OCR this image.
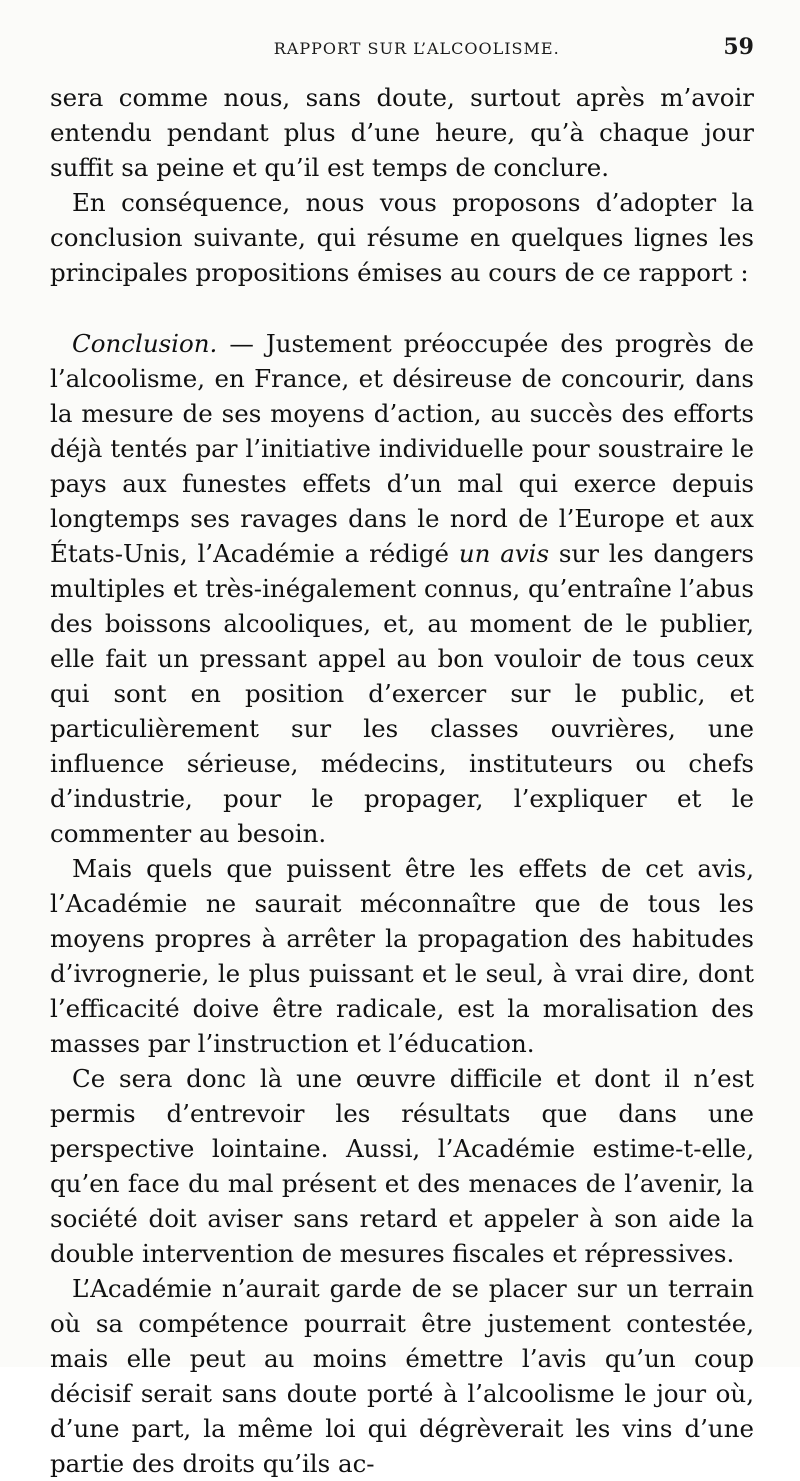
RAPPORT SUR L’ALCOOLISME.	59

sera comme nous, sans doute, surtout après m’avoir entendu pendant plus d’une heure, qu’à chaque jour suffit sa peine et qu’il est temps de conclure.

En conséquence, nous vous proposons d’adopter la conclusion suivante, qui résume en quelques lignes les principales propositions émises au cours de ce rapport :

Conclusion. — Justement préoccupée des progrès de l’alcoolisme, en France, et désireuse de concourir, dans la mesure de ses moyens d’action, au succès des efforts déjà tentés par l’initiative individuelle pour soustraire le pays aux funestes effets d’un mal qui exerce depuis longtemps ses ravages dans le nord de l’Europe et aux États-Unis, l’Académie a rédigé un avis sur les dangers multiples et très-inégalement connus, qu’entraîne l’abus des boissons alcooliques, et, au moment de le publier, elle fait un pressant appel au bon vouloir de tous ceux qui sont en position d’exercer sur le public, et particulièrement sur les classes ouvrières, une influence sérieuse, médecins, instituteurs ou chefs d’industrie, pour le propager, l’expliquer et le commenter au besoin.

Mais quels que puissent être les effets de cet avis, l’Académie ne saurait méconnaître que de tous les moyens propres à arrêter la propagation des habitudes d’ivrognerie, le plus puissant et le seul, à vrai dire, dont l’efficacité doive être radicale, est la moralisation des masses par l’instruction et l’éducation.

Ce sera donc là une œuvre difficile et dont il n’est permis d’entrevoir les résultats que dans une perspective lointaine. Aussi, l’Académie estime-t-elle, qu’en face du mal présent et des menaces de l’avenir, la société doit aviser sans retard et appeler à son aide la double intervention de mesures fiscales et répressives.

L’Académie n’aurait garde de se placer sur un terrain où sa compétence pourrait être justement contestée, mais elle peut au moins émettre l’avis qu’un coup décisif serait sans doute porté à l’alcoolisme le jour où, d’une part, la même loi qui dégrèverait les vins d’une partie des droits qu’ils ac-
